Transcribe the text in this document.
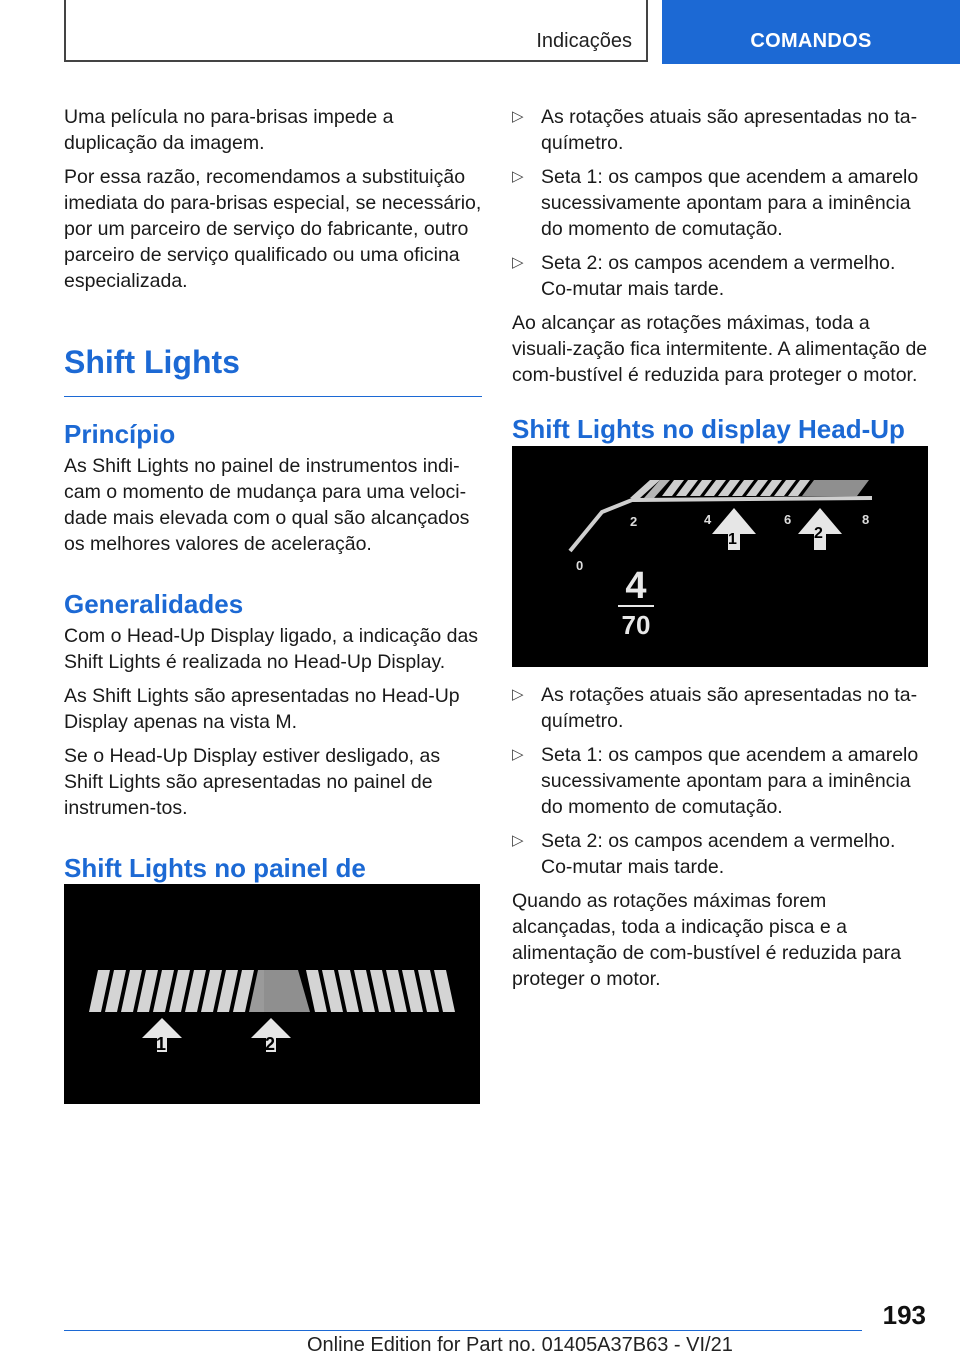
Indicações	COMANDOS

Uma película no para-brisas impede a duplicação da imagem.

Por essa razão, recomendamos a substituição imediata do para-brisas especial, se necessário, por um parceiro de serviço do fabricante, outro parceiro de serviço qualificado ou uma oficina especializada.

Shift Lights
Princípio

As Shift Lights no painel de instrumentos indi‐cam o momento de mudança para uma veloci‐dade mais elevada com o qual são alcançados os melhores valores de aceleração.

Generalidades

Com o Head-Up Display ligado, a indicação das Shift Lights é realizada no Head-Up Display.

As Shift Lights são apresentadas no Head-Up Display apenas na vista M.

Se o Head-Up Display estiver desligado, as Shift Lights são apresentadas no painel de instrumen‐tos.

Shift Lights no painel de
1	2
▷ As rotações atuais são apresentadas no ta‐químetro.
▷ Seta 1: os campos que acendem a amarelo sucessivamente apontam para a iminência do momento de comutação.
▷ Seta 2: os campos acendem a vermelho. Co‐mutar mais tarde.

Ao alcançar as rotações máximas, toda a visuali‐zação fica intermitente. A alimentação de com‐bustível é reduzida para proteger o motor.

Shift Lights no display Head-Up
0
2	4	6	8
1	2
4
70
▷ As rotações atuais são apresentadas no ta‐químetro.
▷ Seta 1: os campos que acendem a amarelo sucessivamente apontam para a iminência do momento de comutação.
▷ Seta 2: os campos acendem a vermelho. Co‐mutar mais tarde.

Quando as rotações máximas forem alcançadas, toda a indicação pisca e a alimentação de com‐bustível é reduzida para proteger o motor.

193
Online Edition for Part no. 01405A37B63 - VI/21
